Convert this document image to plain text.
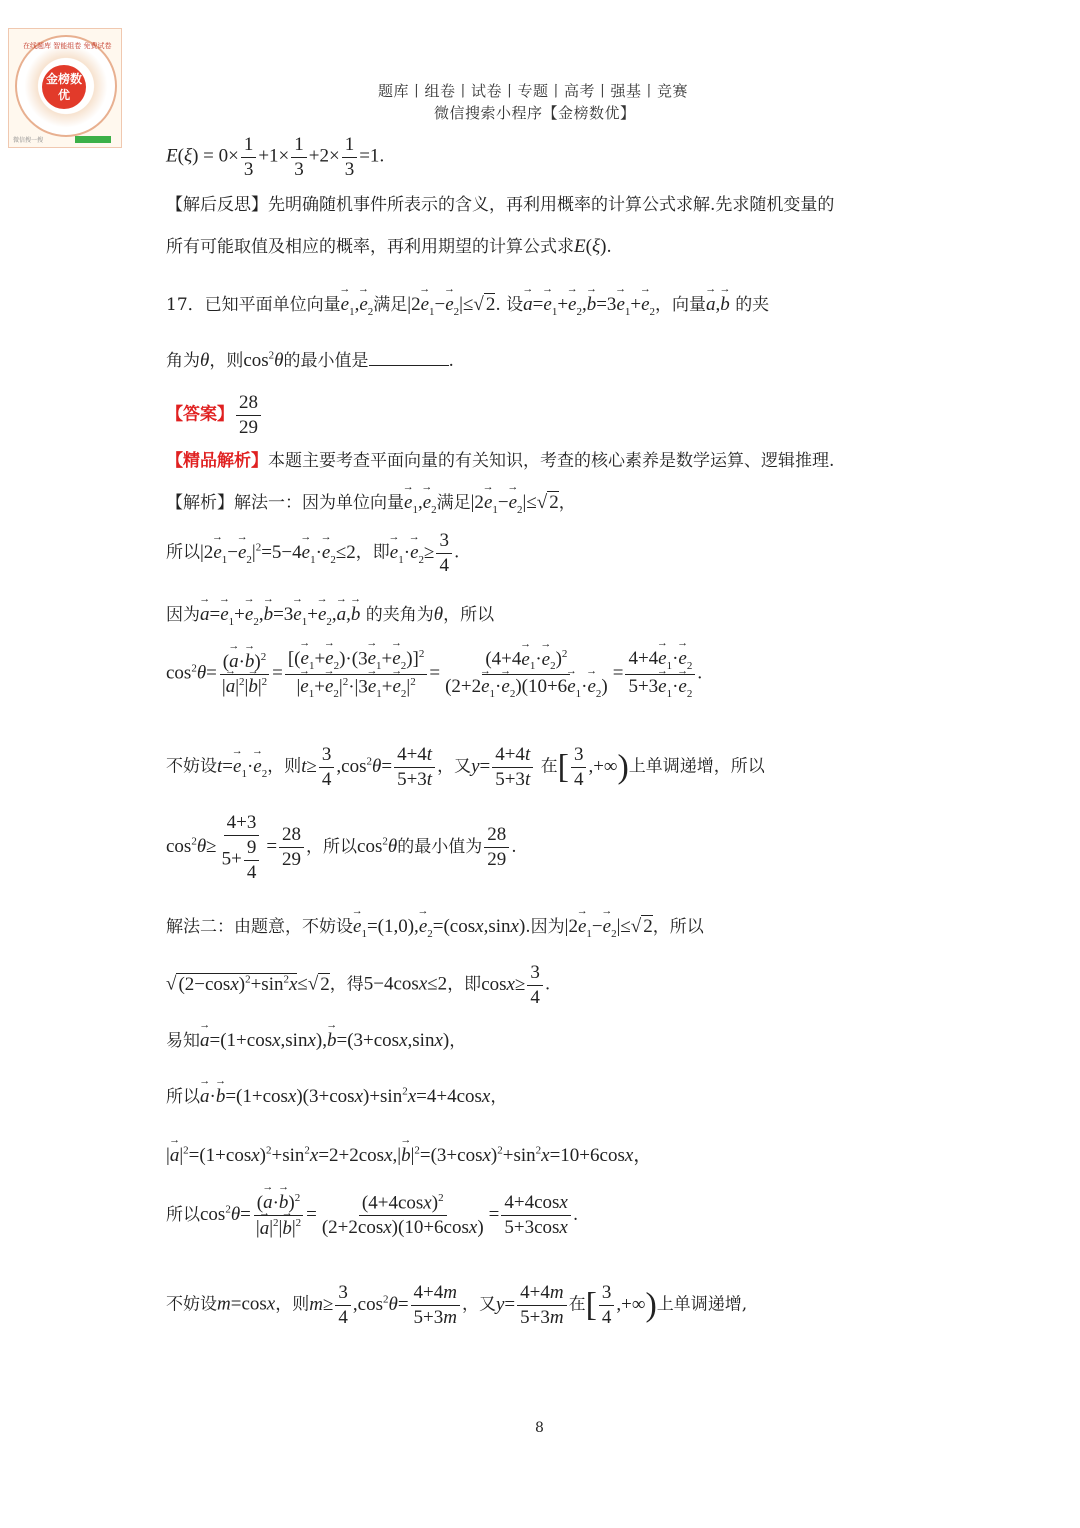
在线题库 智能组卷 免费试卷
金榜数优
微信搜一搜
题库丨组卷丨试卷丨专题丨高考丨强基丨竞赛
微信搜索小程序【金榜数优】
$E(\xi) = 0\times \frac{1}{3} +1\times \frac{1}{3} +2\times \frac{1}{3} =1$.
【解后反思】先明确随机事件所表示的含义，再利用概率的计算公式求解.先求随机变量的
所有可能取值及相应的概率，再利用期望的计算公式求E(ξ).
17．已知平面单位向量→ $e_1,\to e_2$满足$|2\to e_1-\to e_2|\le√$ 2. 设→ $a=\to e_1+\to e_2,\to b=3\to e_1+\to e_2$，向量→ a,→ b 的夹
角为θ，则$\cos^2\theta$的最小值是	.
【答案】 $\frac{28}{29}$
【精品解析】本题主要考查平面向量的有关知识，考查的核心素养是数学运算、逻辑推理.
【解析】解法一：因为单位向量→ $e_1,\to e_2$满足$|2\to e_1-\to e_2|\le√$ 2，
所以$|2\to e_1-\to e_2|^2=5-4\to e_1\cdot\to e_2\le 2$，即→ $e_1\cdot\to e_2\ge \frac{3}{4}$ .
因为→ $a=\to e_1+\to e_2,\to b=3\to e_1+\to e_2,\to a,\to b$ 的夹角为θ，所以
$\cos^2\theta= \frac{(\to a\cdot\to b)^2}{|\to a|^2|\to b|^2} = \frac{[(\to e_1+\to e_2)\cdot(3\to e_1+\to e_2)]^2}{|\to e_1+\to e_2|^2\cdot|3\to e_1+\to e_2|^2} = \frac{(4+4\to e_1\cdot\to e_2)^2}{(2+2\to e_1\cdot\to e_2)(10+6\to e_1\cdot\to e_2)} = \frac{4+4\to e_1\cdot\to e_2}{5+3\to e_1\cdot\to e_2}$ .
不妨设$t=\to e_1\cdot\to e_2$，则$t\ge \frac{3}{4} ,\cos^2\theta= \frac{4+4t}{5+3t}$ ，又$y= \frac{4+4t}{5+3t}$ 在[ $\frac{3}{4}$ ,+∞)上单调递增，所以
$\cos^2\theta\ge \frac{4+3}{5+ \frac{9}{4}} = \frac{28}{29}$ ，所以$\cos^2\theta$的最小值为 $\frac{28}{29}$ .
解法二：由题意，不妨设→ $e_1=(1,0),\to e_2=(\cos x,\sin x)$.因为$|2\to e_1-\to e_2|\le√$ 2，所以
√ $(2-\cos x)^2+\sin^2x\le√$ 2，得5−4cosx≤2，即$\cos x\ge \frac{3}{4}$ .
易知→ a=(1+cosx,sinx),→ b=(3+cosx,sinx)，
所以→ $a\cdot\to b=(1+\cos x)(3+\cos x)+\sin^2x=4+4\cos x$，
|→ $a|^2=(1+\cos x)^2+\sin^2x=2+2\cos x,|\to b|^2=(3+\cos x)^2+\sin^2x=10+6\cos x$，
所以$\cos^2\theta= \frac{(\to a\cdot\to b)^2}{|\to a|^2|\to b|^2} = \frac{(4+4\cos x)^2}{(2+2\cos x)(10+6\cos x)} = \frac{4+4\cos x}{5+3\cos x}$ .
不妨设m=cosx，则$m\ge \frac{3}{4} ,\cos^2\theta= \frac{4+4m}{5+3m}$ ，又$y= \frac{4+4m}{5+3m}$ 在[ $\frac{3}{4}$ ,+∞)上单调递增,
8
